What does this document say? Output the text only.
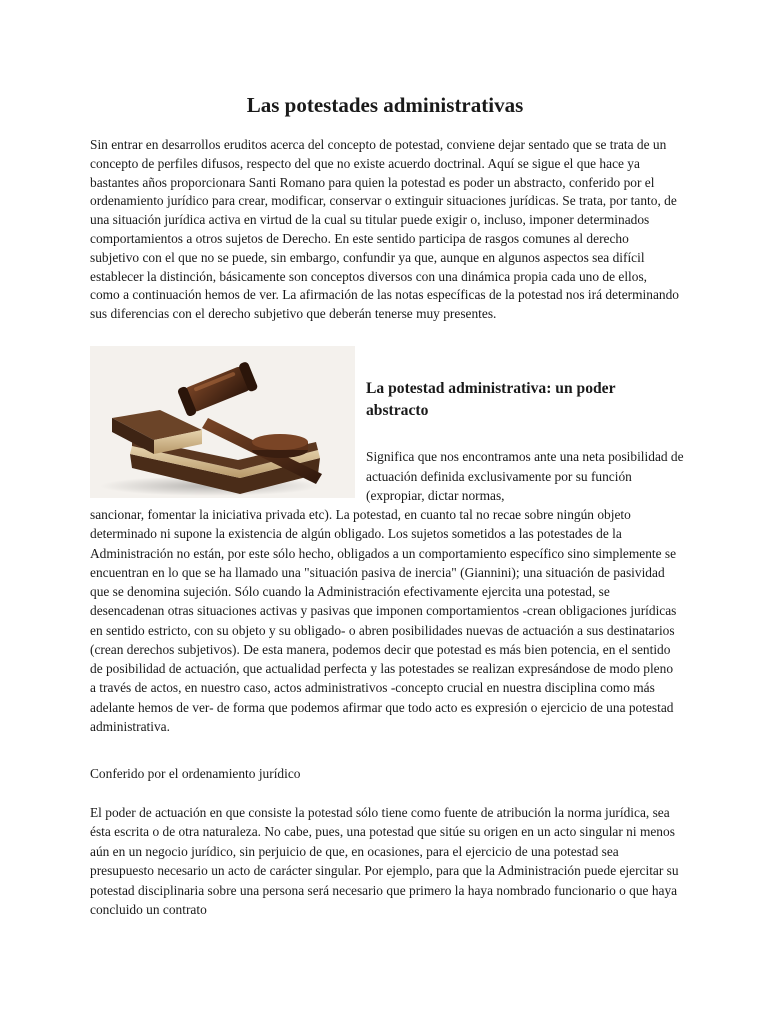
Las potestades administrativas

Sin entrar en desarrollos eruditos acerca del concepto de potestad, conviene dejar sentado que se trata de un concepto de perfiles difusos, respecto del que no existe acuerdo doctrinal. Aquí se sigue el que hace ya bastantes años proporcionara Santi Romano para quien la potestad es poder un abstracto, conferido por el ordenamiento jurídico para crear, modificar, conservar o extinguir situaciones jurídicas. Se trata, por tanto, de una situación jurídica activa en virtud de la cual su titular puede exigir o, incluso, imponer determinados comportamientos a otros sujetos de Derecho. En este sentido participa de rasgos comunes al derecho subjetivo con el que no se puede, sin embargo, confundir ya que, aunque en algunos aspectos sea difícil establecer la distinción, básicamente son conceptos diversos con una dinámica propia cada uno de ellos, como a continuación hemos de ver. La afirmación de las notas específicas de la potestad nos irá determinando sus diferencias con el derecho subjetivo que deberán tenerse muy presentes.

La potestad administrativa: un poder abstracto

Significa que nos encontramos ante una neta posibilidad de actuación definida exclusivamente por su función (expropiar, dictar normas,

sancionar, fomentar la iniciativa privada etc). La potestad, en cuanto tal no recae sobre ningún objeto determinado ni supone la existencia de algún obligado. Los sujetos sometidos a las potestades de la Administración no están, por este sólo hecho, obligados a un comportamiento específico sino simplemente se encuentran en lo que se ha llamado una "situación pasiva de inercia" (Giannini); una situación de pasividad que se denomina sujeción. Sólo cuando la Administración efectivamente ejercita una potestad, se desencadenan otras situaciones activas y pasivas que imponen comportamientos -crean obligaciones jurídicas en sentido estricto, con su objeto y su obligado- o abren posibilidades nuevas de actuación a sus destinatarios (crean derechos subjetivos). De esta manera, podemos decir que potestad es más bien potencia, en el sentido de posibilidad de actuación, que actualidad perfecta y las potestades se realizan expresándose de modo pleno a través de actos, en nuestro caso, actos administrativos -concepto crucial en nuestra disciplina como más adelante hemos de ver- de forma que podemos afirmar que todo acto es expresión o ejercicio de una potestad administrativa.

Conferido por el ordenamiento jurídico

El poder de actuación en que consiste la potestad sólo tiene como fuente de atribución la norma jurídica, sea ésta escrita o de otra naturaleza. No cabe, pues, una potestad que sitúe su origen en un acto singular ni menos aún en un negocio jurídico, sin perjuicio de que, en ocasiones, para el ejercicio de una potestad sea presupuesto necesario un acto de carácter singular. Por ejemplo, para que la Administración puede ejercitar su potestad disciplinaria sobre una persona será necesario que primero la haya nombrado funcionario o que haya concluido un contrato
